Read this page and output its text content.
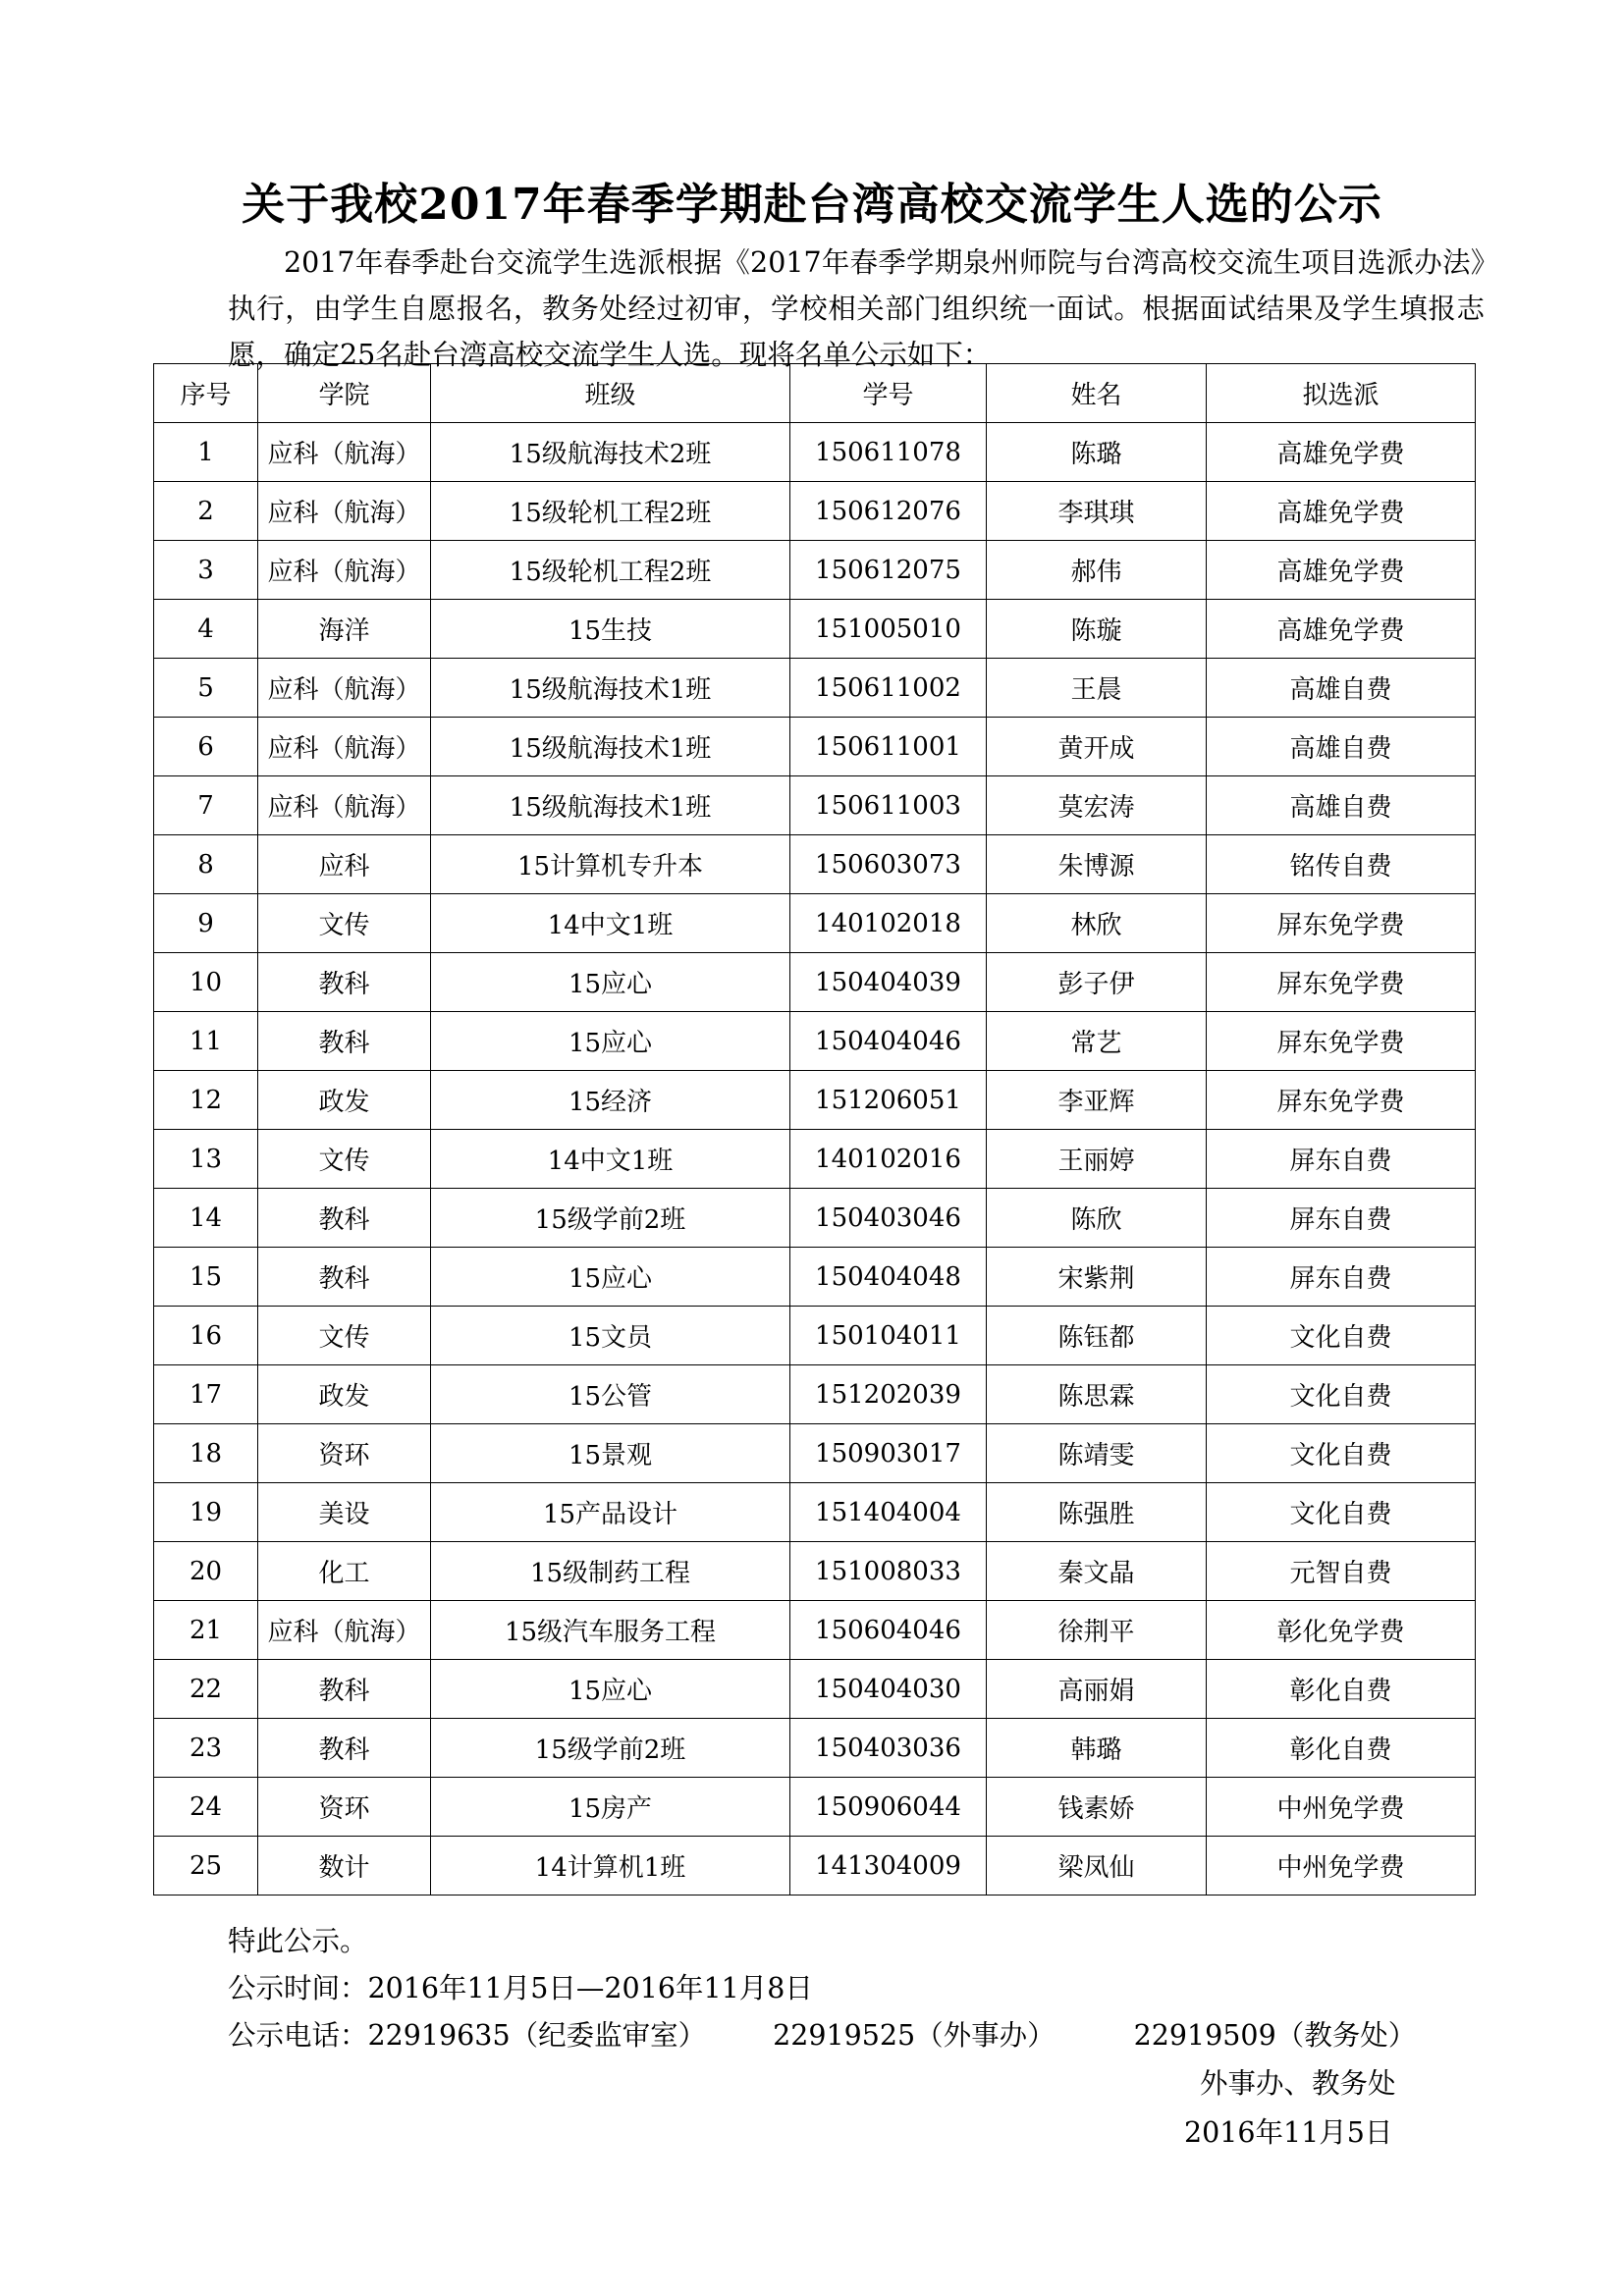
关于我校2017年春季学期赴台湾高校交流学生人选的公示
2017年春季赴台交流学生选派根据《2017年春季学期泉州师院与台湾高校交流生项目选派办法》执行，由学生自愿报名，教务处经过初审，学校相关部门组织统一面试。根据面试结果及学生填报志愿，确定25名赴台湾高校交流学生人选。现将名单公示如下：
序号	学院	班级	学号	姓名	拟选派
1	应科（航海）	15级航海技术2班	150611078	陈璐	高雄免学费
2	应科（航海）	15级轮机工程2班	150612076	李琪琪	高雄免学费
3	应科（航海）	15级轮机工程2班	150612075	郝伟	高雄免学费
4	海洋	15生技	151005010	陈璇	高雄免学费
5	应科（航海）	15级航海技术1班	150611002	王晨	高雄自费
6	应科（航海）	15级航海技术1班	150611001	黄开成	高雄自费
7	应科（航海）	15级航海技术1班	150611003	莫宏涛	高雄自费
8	应科	15计算机专升本	150603073	朱博源	铭传自费
9	文传	14中文1班	140102018	林欣	屏东免学费
10	教科	15应心	150404039	彭子伊	屏东免学费
11	教科	15应心	150404046	常艺	屏东免学费
12	政发	15经济	151206051	李亚辉	屏东免学费
13	文传	14中文1班	140102016	王丽婷	屏东自费
14	教科	15级学前2班	150403046	陈欣	屏东自费
15	教科	15应心	150404048	宋紫荆	屏东自费
16	文传	15文员	150104011	陈钰都	文化自费
17	政发	15公管	151202039	陈思霖	文化自费
18	资环	15景观	150903017	陈靖雯	文化自费
19	美设	15产品设计	151404004	陈强胜	文化自费
20	化工	15级制药工程	151008033	秦文晶	元智自费
21	应科（航海）	15级汽车服务工程	150604046	徐荆平	彰化免学费
22	教科	15应心	150404030	高丽娟	彰化自费
23	教科	15级学前2班	150403036	韩璐	彰化自费
24	资环	15房产	150906044	钱素娇	中州免学费
25	数计	14计算机1班	141304009	梁凤仙	中州免学费
特此公示。
公示时间：2016年11月5日—2016年11月8日
公示电话：22919635（纪委监审室） 22919525（外事办）	22919509（教务处）
外事办、教务处
2016年11月5日
